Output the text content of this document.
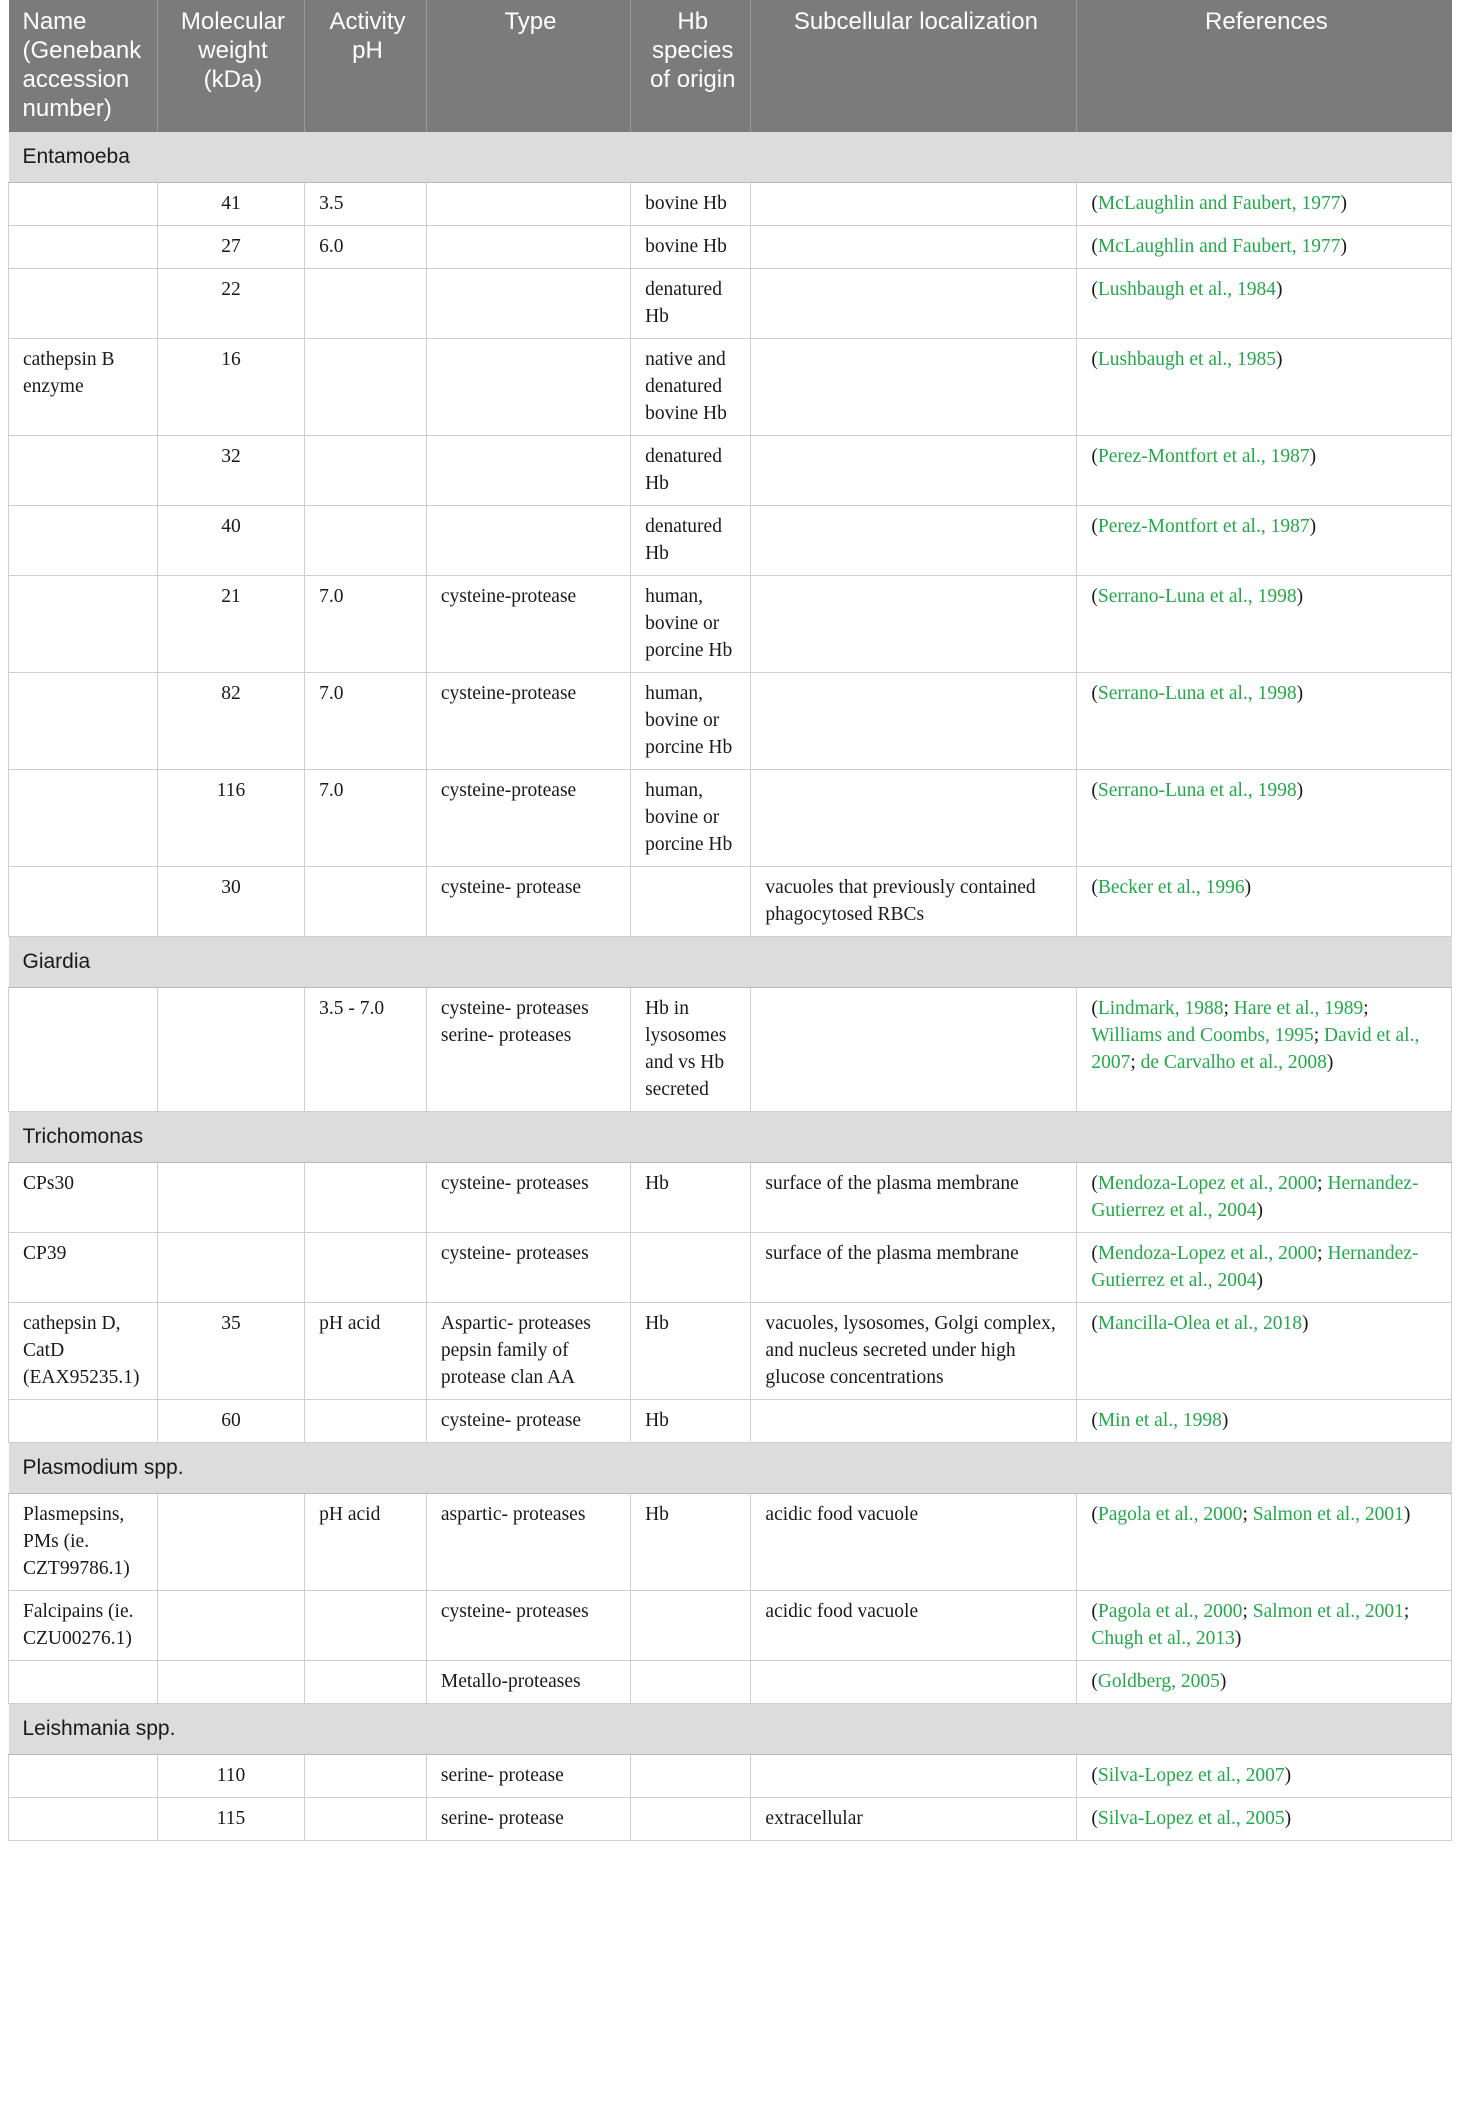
Name (Genebank accession number)	Molecular weight (kDa)	Activity pH	Type	Hb species of origin	Subcellular localization	References
Entamoeba						
	41	3.5		bovine Hb		(McLaughlin and Faubert, 1977)
	27	6.0		bovine Hb		(McLaughlin and Faubert, 1977)
	22			denatured Hb		(Lushbaugh et al., 1984)
cathepsin B enzyme	16			native and denatured bovine Hb		(Lushbaugh et al., 1985)
	32			denatured Hb		(Perez-Montfort et al., 1987)
	40			denatured Hb		(Perez-Montfort et al., 1987)
	21	7.0	cysteine-protease	human, bovine or porcine Hb		(Serrano-Luna et al., 1998)
	82	7.0	cysteine-protease	human, bovine or porcine Hb		(Serrano-Luna et al., 1998)
	116	7.0	cysteine-protease	human, bovine or porcine Hb		(Serrano-Luna et al., 1998)
	30		cysteine- protease		vacuoles that previously contained phagocytosed RBCs	(Becker et al., 1996)
Giardia						
		3.5 - 7.0	cysteine- proteases serine- proteases	Hb in lysosomes and vs Hb secreted		(Lindmark, 1988; Hare et al., 1989; Williams and Coombs, 1995; David et al., 2007; de Carvalho et al., 2008)
Trichomonas						
CPs30			cysteine- proteases	Hb	surface of the plasma membrane	(Mendoza-Lopez et al., 2000; Hernandez-Gutierrez et al., 2004)
CP39			cysteine- proteases		surface of the plasma membrane	(Mendoza-Lopez et al., 2000; Hernandez-Gutierrez et al., 2004)
cathepsin D, CatD (EAX95235.1)	35	pH acid	Aspartic- proteases pepsin family of protease clan AA	Hb	vacuoles, lysosomes, Golgi complex, and nucleus secreted under high glucose concentrations	(Mancilla-Olea et al., 2018)
	60		cysteine- protease	Hb		(Min et al., 1998)
Plasmodium spp.						
Plasmepsins, PMs (ie. CZT99786.1)		pH acid	aspartic- proteases	Hb	acidic food vacuole	(Pagola et al., 2000; Salmon et al., 2001)
Falcipains (ie. CZU00276.1)			cysteine- proteases		acidic food vacuole	(Pagola et al., 2000; Salmon et al., 2001; Chugh et al., 2013)
			Metallo-proteases			(Goldberg, 2005)
Leishmania spp.						
	110		serine- protease			(Silva-Lopez et al., 2007)
	115		serine- protease		extracellular	(Silva-Lopez et al., 2005)
